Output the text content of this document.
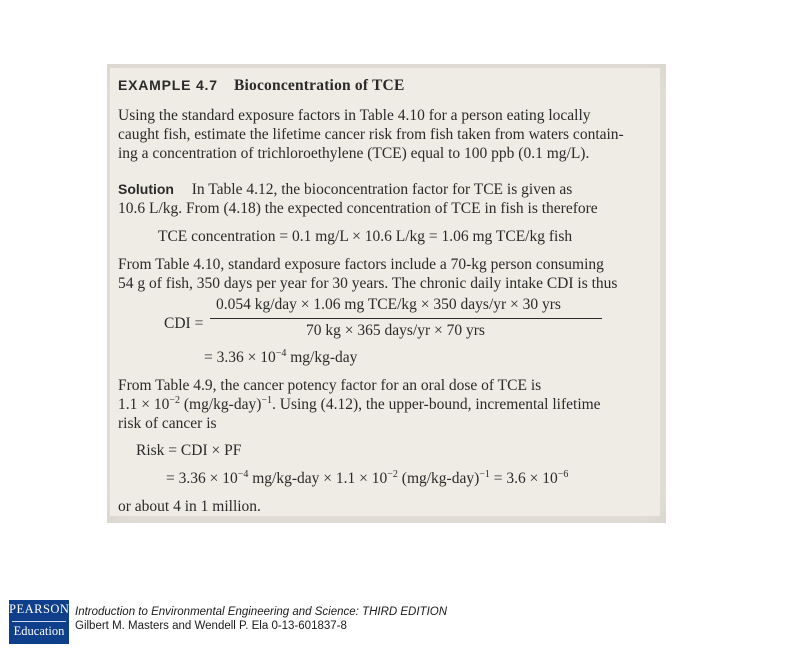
EXAMPLE 4.7 Bioconcentration of TCE
Using the standard exposure factors in Table 4.10 for a person eating locally
caught fish, estimate the lifetime cancer risk from fish taken from waters contain-
ing a concentration of trichloroethylene (TCE) equal to 100 ppb (0.1 mg/L).
Solution In Table 4.12, the bioconcentration factor for TCE is given as
10.6 L/kg. From (4.18) the expected concentration of TCE in fish is therefore
TCE concentration = 0.1 mg/L × 10.6 L/kg = 1.06 mg TCE/kg fish
From Table 4.10, standard exposure factors include a 70-kg person consuming
54 g of fish, 350 days per year for 30 years. The chronic daily intake CDI is thus
CDI =
0.054 kg/day × 1.06 mg TCE/kg × 350 days/yr × 30 yrs
70 kg × 365 days/yr × 70 yrs
= $3.36 \times 10^{-4}$ mg/kg-day
From Table 4.9, the cancer potency factor for an oral dose of TCE is
$1.1 \times 10^{-2}$ $(mg/kg-day)^{-1}$. Using (4.12), the upper-bound, incremental lifetime
risk of cancer is
Risk = CDI × PF
= $3.36 \times 10^{-4}$ $mg/kg-day \times 1.1 \times 10^{-2}$ $(mg/kg-day)^{-1} = 3.6 \times 10^{-6}$
or about 4 in 1 million.
PEARSON
Education
Introduction to Environmental Engineering and Science: THIRD EDITION
Gilbert M. Masters and Wendell P. Ela 0-13-601837-8
